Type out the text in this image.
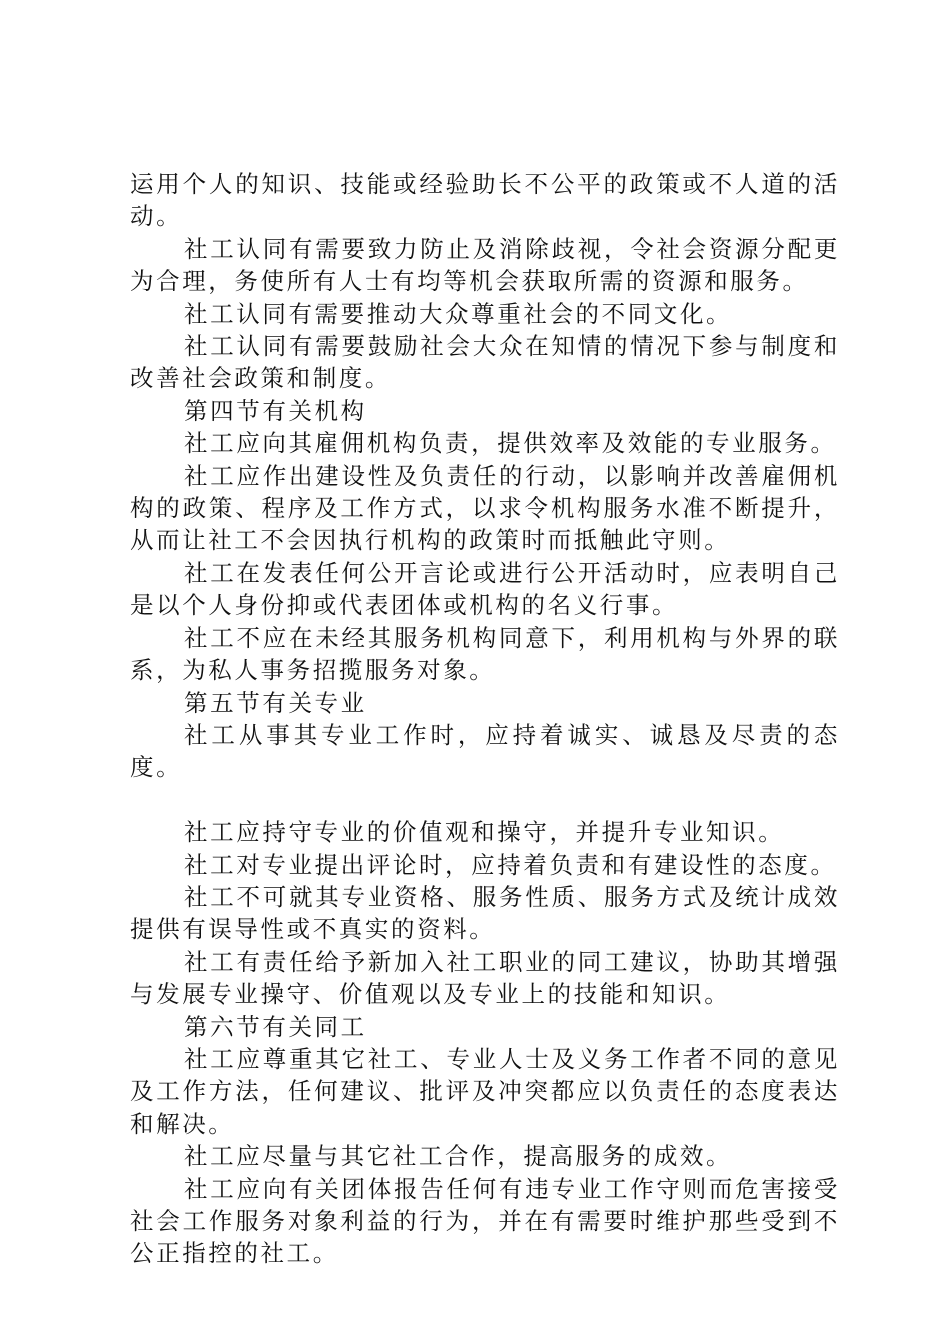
运用个人的知识、技能或经验助长不公平的政策或不人道的活动。

社工认同有需要致力防止及消除歧视，令社会资源分配更为合理，务使所有人士有均等机会获取所需的资源和服务。

社工认同有需要推动大众尊重社会的不同文化。

社工认同有需要鼓励社会大众在知情的情况下参与制度和改善社会政策和制度。

第四节有关机构

社工应向其雇佣机构负责，提供效率及效能的专业服务。

社工应作出建设性及负责任的行动，以影响并改善雇佣机构的政策、程序及工作方式，以求令机构服务水准不断提升，从而让社工不会因执行机构的政策时而抵触此守则。

社工在发表任何公开言论或进行公开活动时，应表明自己是以个人身份抑或代表团体或机构的名义行事。

社工不应在未经其服务机构同意下，利用机构与外界的联系，为私人事务招揽服务对象。

第五节有关专业

社工从事其专业工作时，应持着诚实、诚恳及尽责的态度。

社工应持守专业的价值观和操守，并提升专业知识。

社工对专业提出评论时，应持着负责和有建设性的态度。

社工不可就其专业资格、服务性质、服务方式及统计成效提供有误导性或不真实的资料。

社工有责任给予新加入社工职业的同工建议，协助其增强与发展专业操守、价值观以及专业上的技能和知识。

第六节有关同工

社工应尊重其它社工、专业人士及义务工作者不同的意见及工作方法，任何建议、批评及冲突都应以负责任的态度表达和解决。

社工应尽量与其它社工合作，提高服务的成效。

社工应向有关团体报告任何有违专业工作守则而危害接受社会工作服务对象利益的行为，并在有需要时维护那些受到不公正指控的社工。
